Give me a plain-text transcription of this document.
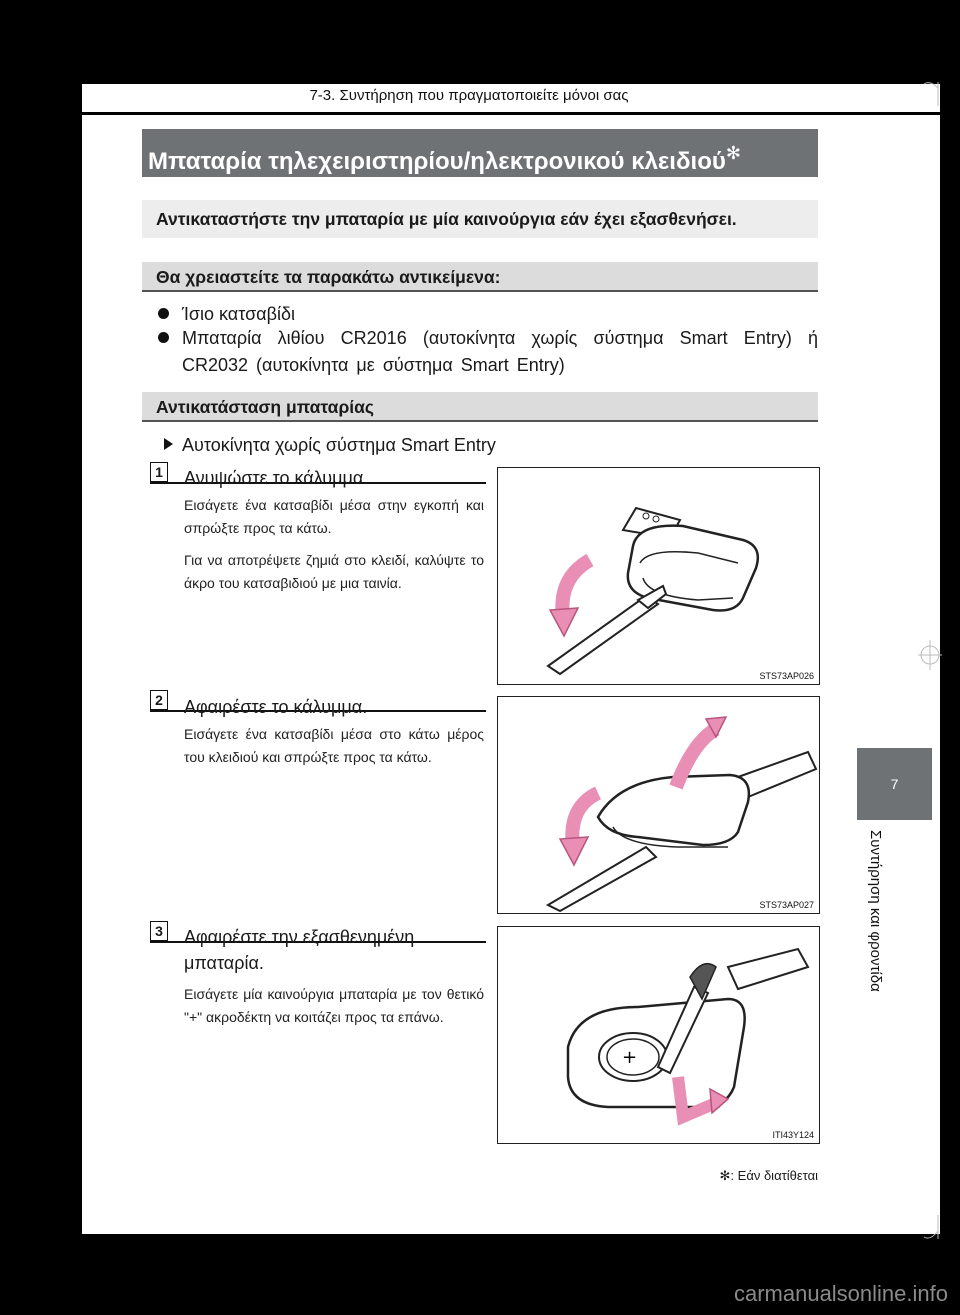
7-3. Συντήρηση που πραγματοποιείτε μόνοι σας
Μπαταρία τηλεχειριστηρίου/ηλεκτρονικού κλειδιού✻
Αντικαταστήστε την μπαταρία με μία καινούργια εάν έχει εξασθενήσει.
Θα χρειαστείτε τα παρακάτω αντικείμενα:
Ίσιο κατσαβίδι
Μπαταρία λιθίου CR2016 (αυτοκίνητα χωρίς σύστημα Smart Entry) ή CR2032 (αυτοκίνητα με σύστημα Smart Entry)
Αντικατάσταση μπαταρίας
Αυτοκίνητα χωρίς σύστημα Smart Entry
1 Ανυψώστε το κάλυμμα.

Εισάγετε ένα κατσαβίδι μέσα στην εγκοπή και σπρώξτε προς τα κάτω.

Για να αποτρέψετε ζημιά στο κλειδί, καλύψτε το άκρο του κατσαβιδιού με μια ταινία.

STS73AP026
2 Αφαιρέστε το κάλυμμα.

Εισάγετε ένα κατσαβίδι μέσα στο κάτω μέρος του κλειδιού και σπρώξτε προς τα κάτω.

STS73AP027
3 Αφαιρέστε την εξασθενημένη μπαταρία.

Εισάγετε μία καινούργια μπαταρία με τον θετικό "+" ακροδέκτη να κοιτάζει προς τα επάνω.

+
ITI43Y124
✻: Εάν διατίθεται
7
Συντήρηση και φροντίδα
carmanualsonline.info
